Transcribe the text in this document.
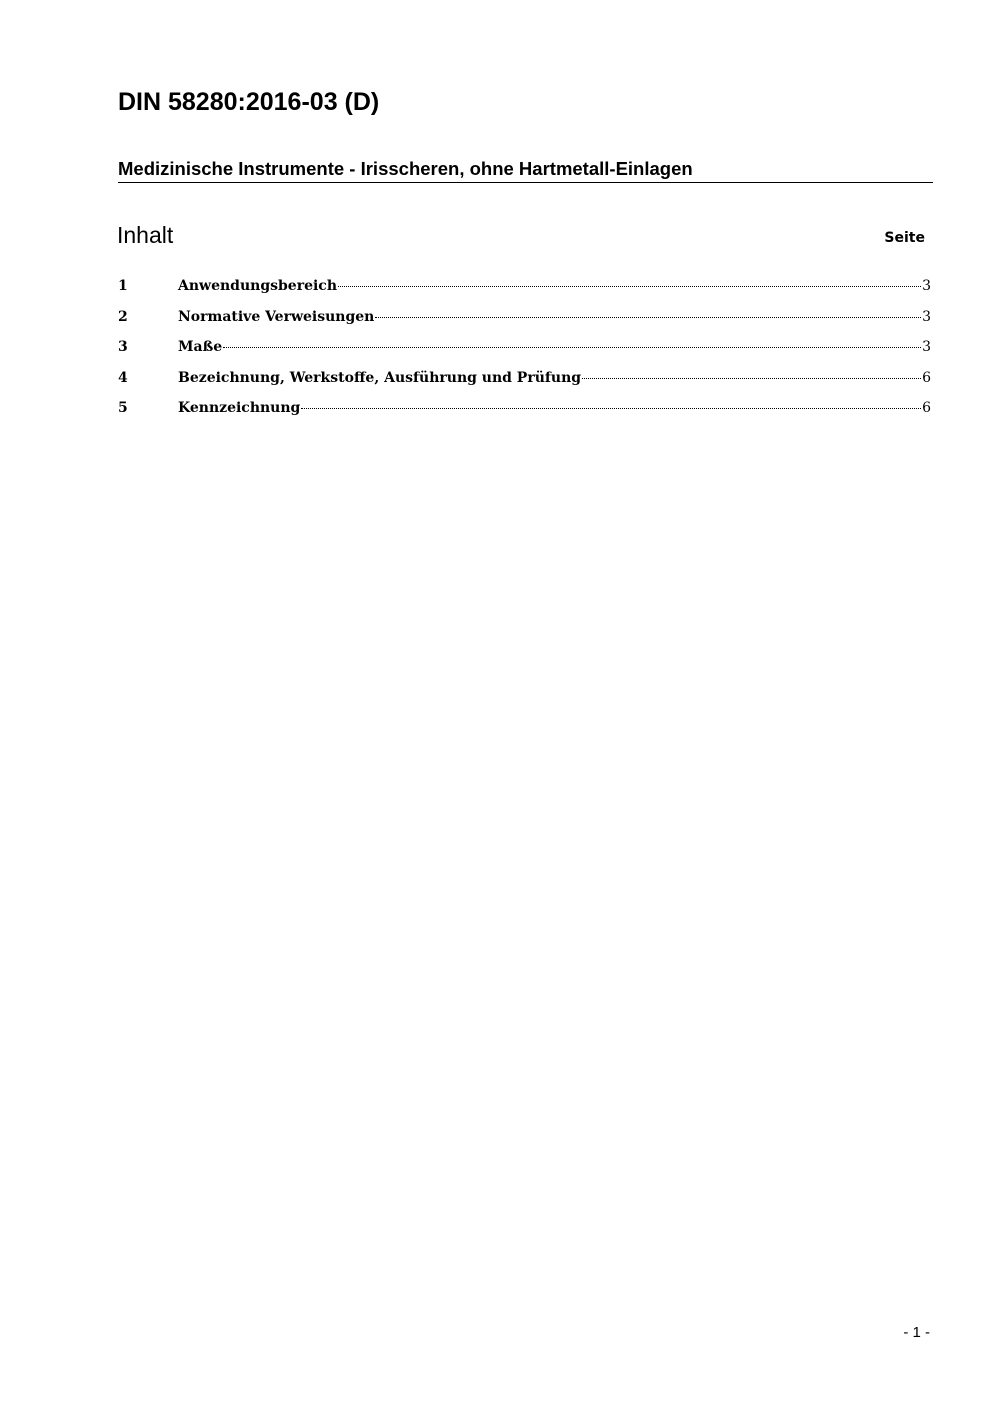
DIN 58280:2016-03 (D)
Medizinische Instrumente - Irisscheren, ohne Hartmetall-Einlagen
Inhalt	Seite
1	Anwendungsbereich	3
2	Normative Verweisungen	3
3	Maße	3
4	Bezeichnung, Werkstoffe, Ausführung und Prüfung	6
5	Kennzeichnung	6
- 1 -
